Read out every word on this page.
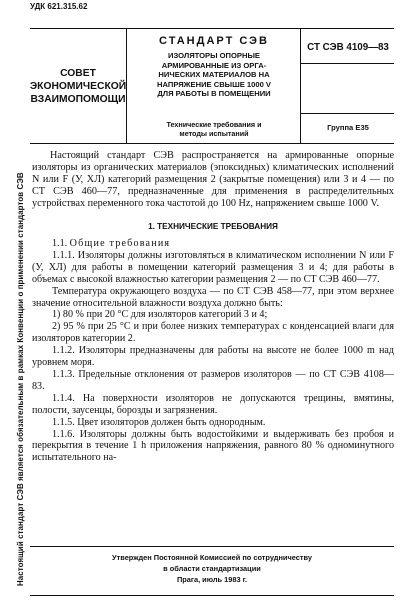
Настоящий стандарт СЭВ является обязательным в рамках Конвенции о применении стандартов СЭВ
УДК 621.315.62
СОВЕТ
ЭКОНОМИЧЕСКОЙ
ВЗАИМОПОМОЩИ
СТАНДАРТ СЭВ
ИЗОЛЯТОРЫ ОПОРНЫЕ
АРМИРОВАННЫЕ ИЗ ОРГА-
НИЧЕСКИХ МАТЕРИАЛОВ НА
НАПРЯЖЕНИЕ СВЫШЕ 1000 V
ДЛЯ РАБОТЫ В ПОМЕЩЕНИИ
Технические требования и
методы испытаний
СТ СЭВ 4109—83
Группа Е35

Настоящий стандарт СЭВ распространяется на армированные опорные изоляторы из органических материалов (эпоксидных) климатических исполнений N или F (У, ХЛ) категорий размещения 2 (закрытые помещения) или 3 и 4 — по СТ СЭВ 460—77, предназначенные для применения в распределительных устройствах переменного тока частотой до 100 Hz, напряжением свыше 1000 V.

1. ТЕХНИЧЕСКИЕ ТРЕБОВАНИЯ

1.1. Общие требования

1.1.1. Изоляторы должны изготовляться в климатическом исполнении N или F (У, ХЛ) для работы в помещении категорий размещения 3 и 4; для работы в объемах с высокой влажностью категории размещения 2 — по СТ СЭВ 460—77.

Температура окружающего воздуха — по СТ СЭВ 458—77, при этом верхнее значение относительной влажности воздуха должно быть:

1) 80 % при 20 °С для изоляторов категорий 3 и 4;

2) 95 % при 25 °С и при более низких температурах с конденсацией влаги для изоляторов категории 2.

1.1.2. Изоляторы предназначены для работы на высоте не более 1000 m над уровнем моря.

1.1.3. Предельные отклонения от размеров изоляторов — по СТ СЭВ 4108—83.

1.1.4. На поверхности изоляторов не допускаются трещины, вмятины, полости, заусенцы, борозды и загрязнения.

1.1.5. Цвет изоляторов должен быть однородным.

1.1.6. Изоляторы должны быть водостойкими и выдерживать без пробоя и перекрытия в течение 1 h приложения напряжения, равного 80 % одноминутного испытательного на-

Утвержден Постоянной Комиссией по сотрудничеству
в области стандартизации
Прага, июль 1983 г.
